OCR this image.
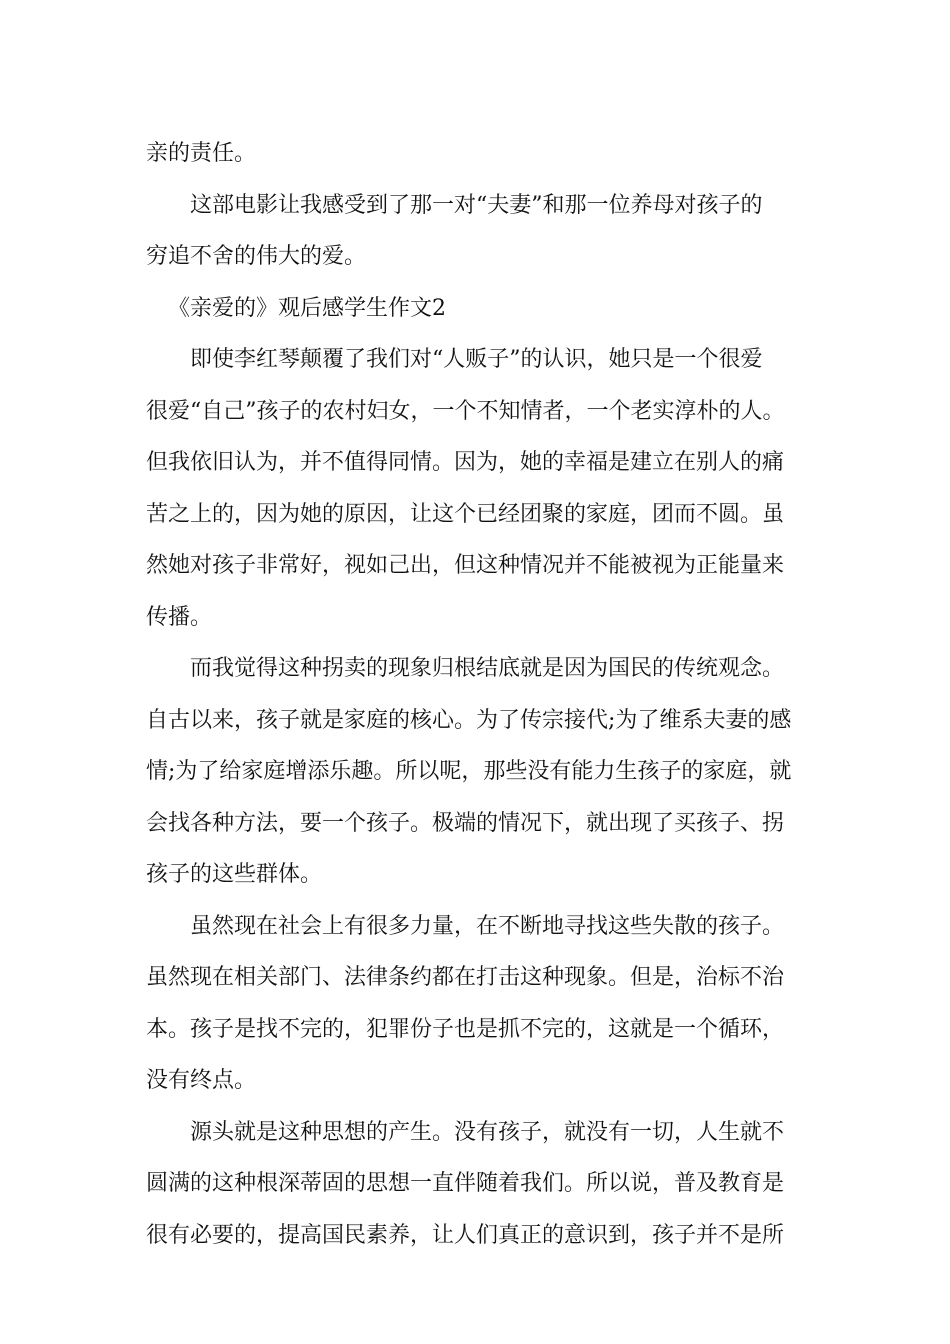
亲的责任。

这部电影让我感受到了那一对“夫妻”和那一位养母对孩子的
穷追不舍的伟大的爱。

《亲爱的》观后感学生作文2

即使李红琴颠覆了我们对“人贩子”的认识，她只是一个很爱
很爱“自己”孩子的农村妇女，一个不知情者，一个老实淳朴的人。
但我依旧认为，并不值得同情。因为，她的幸福是建立在别人的痛
苦之上的，因为她的原因，让这个已经团聚的家庭，团而不圆。虽
然她对孩子非常好，视如己出，但这种情况并不能被视为正能量来
传播。

而我觉得这种拐卖的现象归根结底就是因为国民的传统观念。
自古以来，孩子就是家庭的核心。为了传宗接代;为了维系夫妻的感
情;为了给家庭增添乐趣。所以呢，那些没有能力生孩子的家庭，就
会找各种方法，要一个孩子。极端的情况下，就出现了买孩子、拐
孩子的这些群体。

虽然现在社会上有很多力量，在不断地寻找这些失散的孩子。
虽然现在相关部门、法律条约都在打击这种现象。但是，治标不治
本。孩子是找不完的，犯罪份子也是抓不完的，这就是一个循环，
没有终点。

源头就是这种思想的产生。没有孩子，就没有一切，人生就不
圆满的这种根深蒂固的思想一直伴随着我们。所以说，普及教育是
很有必要的，提高国民素养，让人们真正的意识到，孩子并不是所
